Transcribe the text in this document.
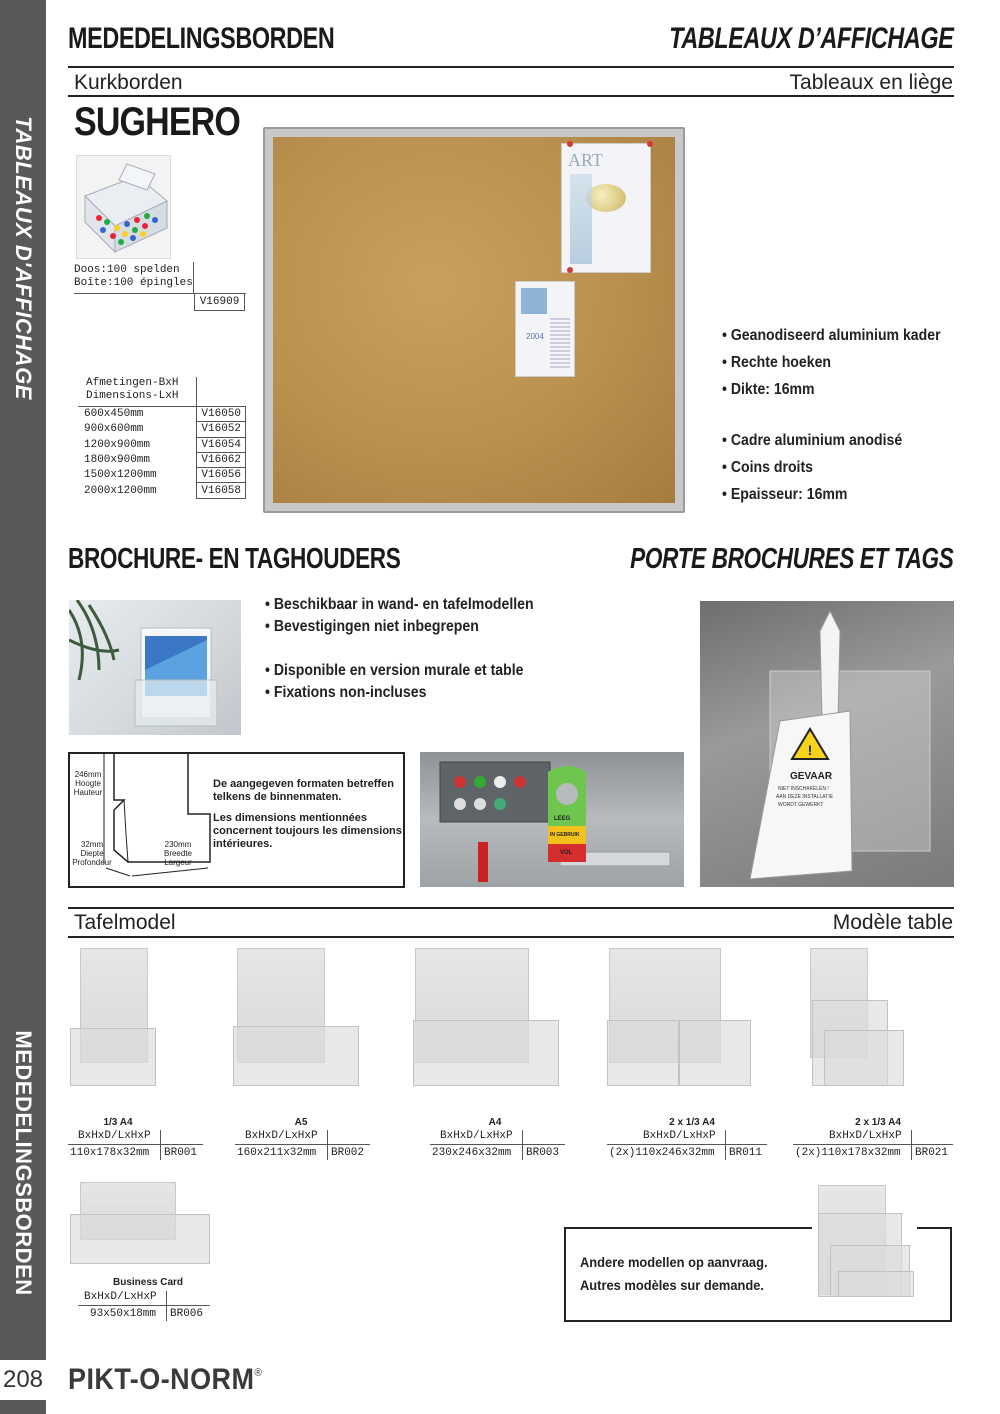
TABLEAUX D'AFFICHAGE
MEDEDELINGSBORDEN
208
MEDEDELINGSBORDEN	TABLEAUX D’AFFICHAGE
Kurkborden	Tableaux en liège
SUGHERO
Doos:100 spelden
Boîte:100 épingles
V16909
Afmetingen-BxH
Dimensions-LxH
600x450mm	V16050
900x600mm	V16052
1200x900mm	V16054
1800x900mm	V16062
1500x1200mm	V16056
2000x1200mm	V16058
ART
2004	• Geanodiseerd aluminium kader
• Rechte hoeken
• Dikte: 16mm
• Cadre aluminium anodisé
• Coins droits
• Epaisseur: 16mm
BROCHURE- EN TAGHOUDERS	PORTE BROCHURES ET TAGS
• Beschikbaar in wand- en tafelmodellen
• Bevestigingen niet inbegrepen
• Disponible en version murale et table
• Fixations non-incluses
!
GEVAAR
NIET INSCHAKELEN !
AAN DEZE INSTALLATIE
WORDT GEWERKT
246mm
Hoogte
Hauteur
32mm
Diepte
Profondeur
230mm
Breedte
Largeur
De aangegeven formaten betreffen
telkens de binnenmaten.
Les dimensions mentionnées
concernent toujours les dimensions
intérieures.
LEEG
IN GEBRUIK
VOL
Tafelmodel	Modèle table
1/3 A4
BxHxD/LxHxP
110x178x32mm BR001
A5
BxHxD/LxHxP
160x211x32mm BR002
A4
BxHxD/LxHxP
230x246x32mm BR003
2 x 1/3 A4
BxHxD/LxHxP
(2x)110x246x32mm BR011
2 x 1/3 A4
BxHxD/LxHxP
(2x)110x178x32mm BR021
Business Card
BxHxD/LxHxP
93x50x18mm BR006
Andere modellen op aanvraag.
Autres modèles sur demande.
PIKT-O-NORM®
